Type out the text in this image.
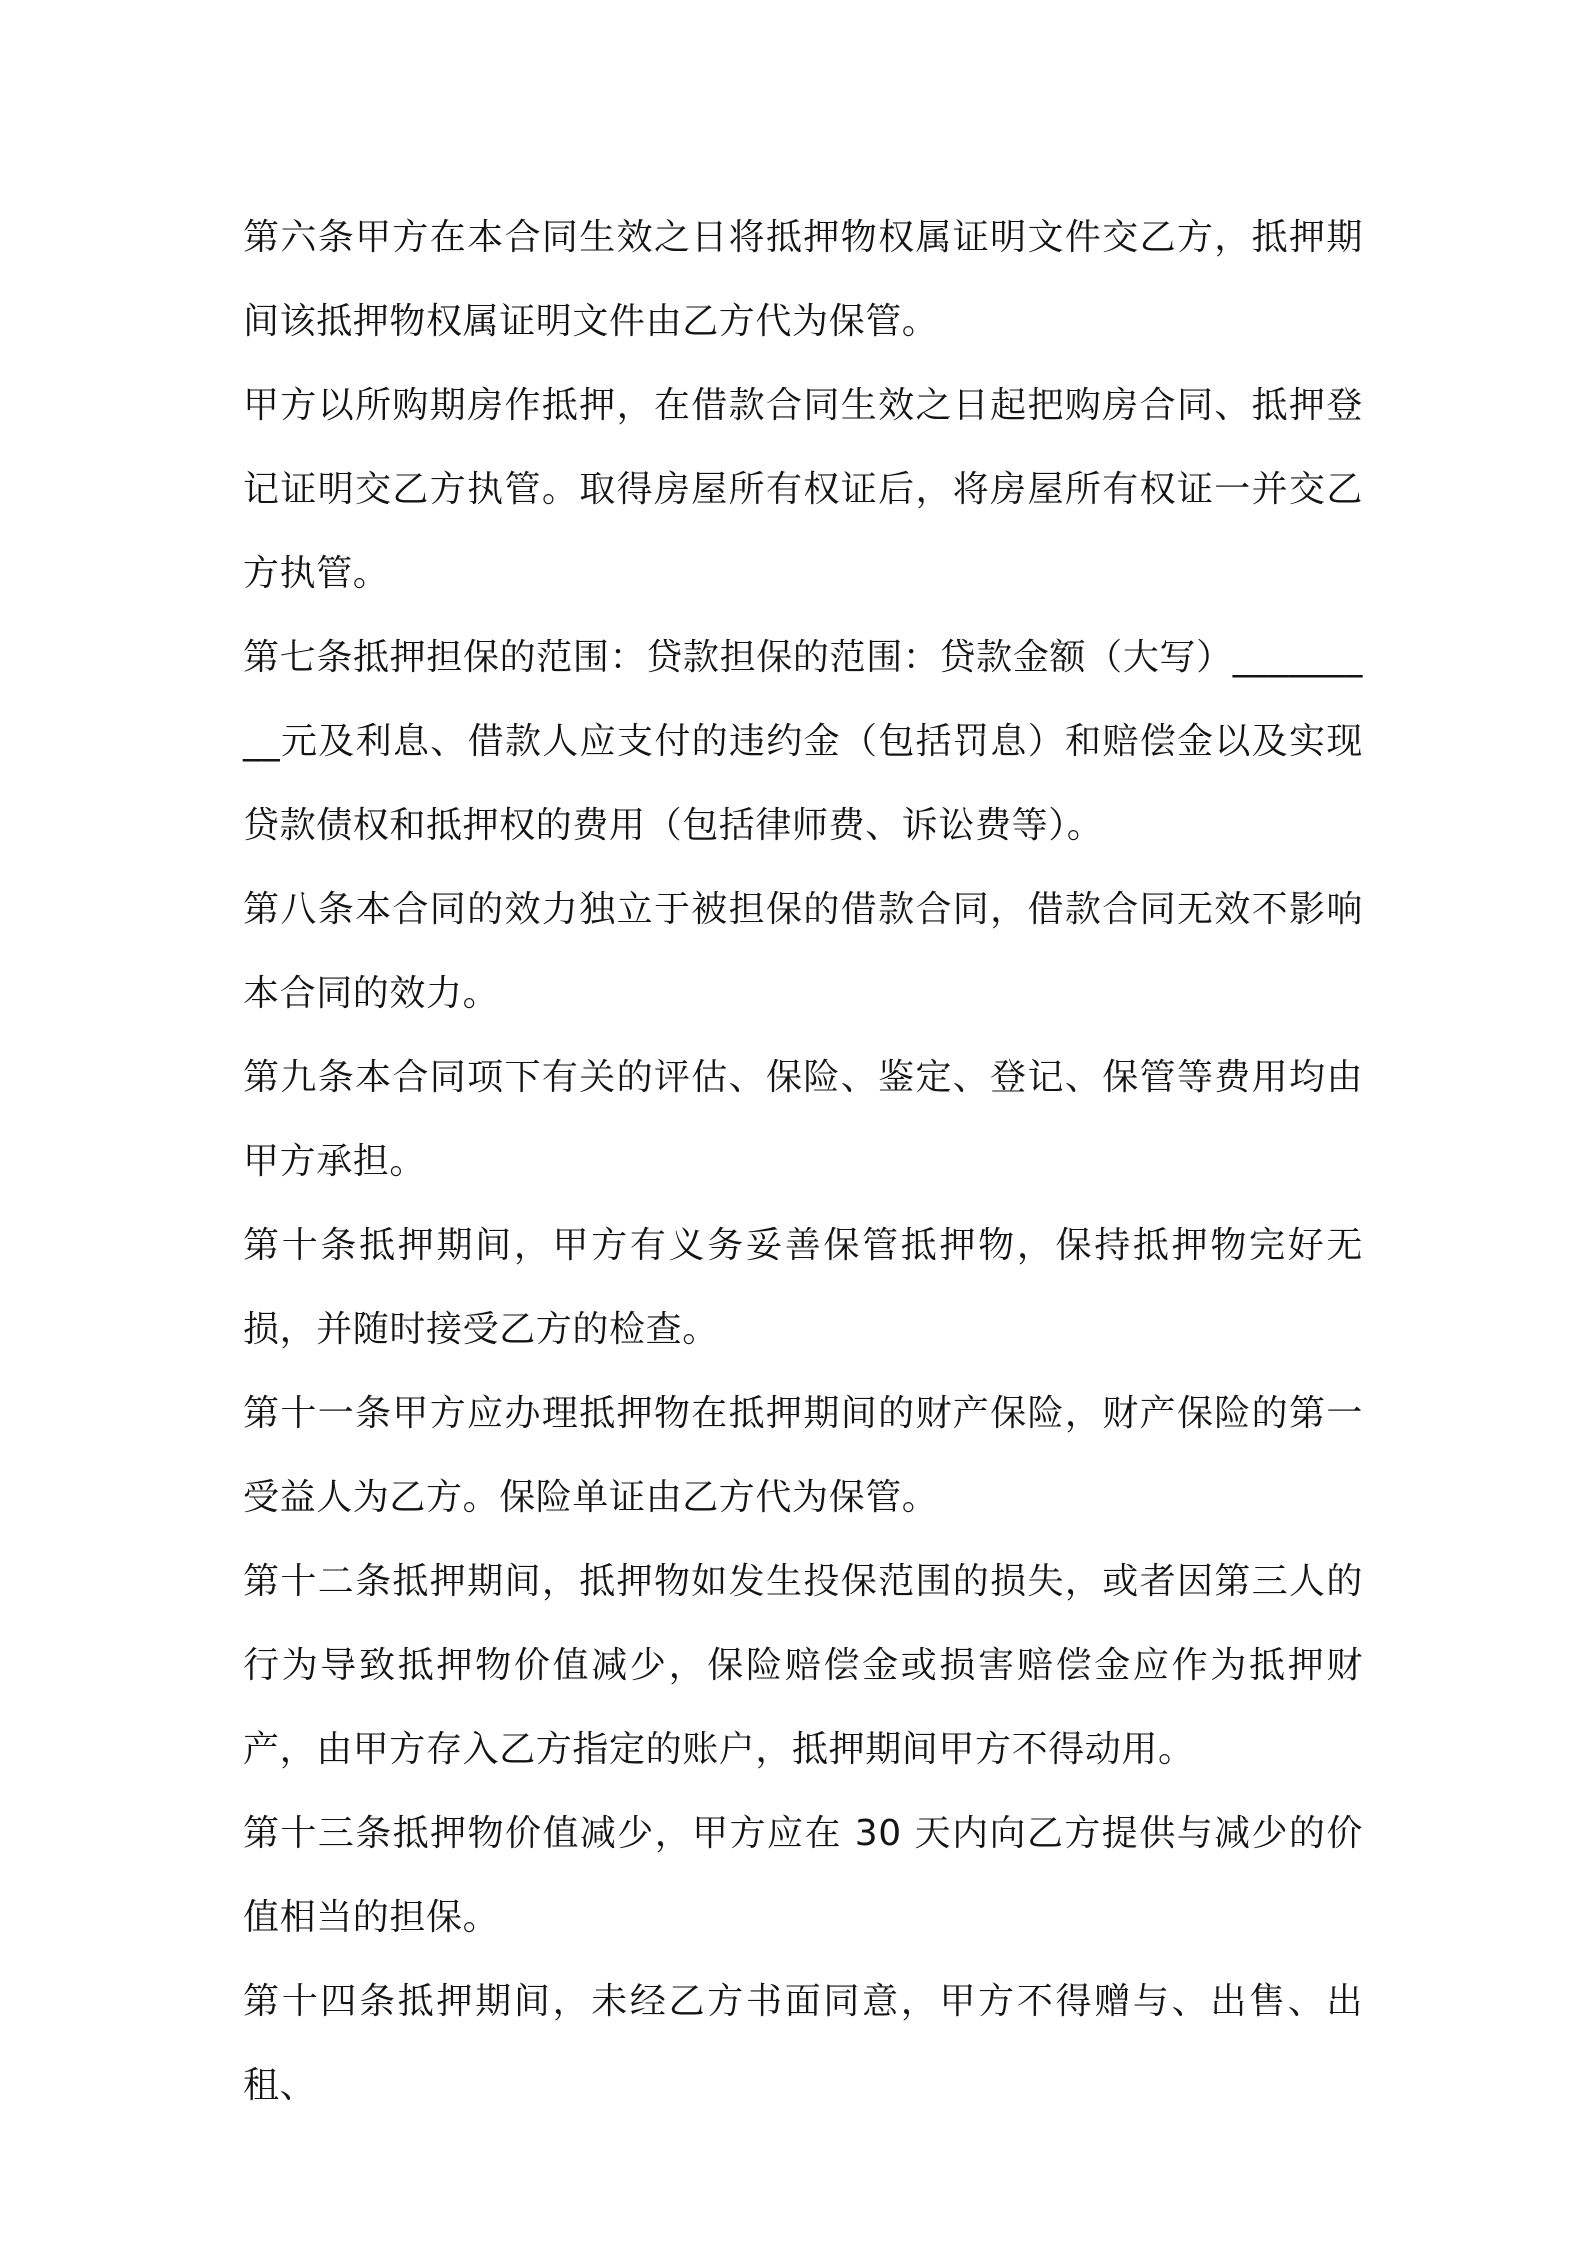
第六条甲方在本合同生效之日将抵押物权属证明文件交乙方，抵押期间该抵押物权属证明文件由乙方代为保管。

甲方以所购期房作抵押，在借款合同生效之日起把购房合同、抵押登记证明交乙方执管。取得房屋所有权证后，将房屋所有权证一并交乙方执管。

第七条抵押担保的范围：贷款担保的范围：贷款金额（大写）_________元及利息、借款人应支付的违约金（包括罚息）和赔偿金以及实现贷款债权和抵押权的费用（包括律师费、诉讼费等）。

第八条本合同的效力独立于被担保的借款合同，借款合同无效不影响本合同的效力。

第九条本合同项下有关的评估、保险、鉴定、登记、保管等费用均由甲方承担。

第十条抵押期间，甲方有义务妥善保管抵押物，保持抵押物完好无损，并随时接受乙方的检查。

第十一条甲方应办理抵押物在抵押期间的财产保险，财产保险的第一受益人为乙方。保险单证由乙方代为保管。

第十二条抵押期间，抵押物如发生投保范围的损失，或者因第三人的行为导致抵押物价值减少，保险赔偿金或损害赔偿金应作为抵押财产，由甲方存入乙方指定的账户，抵押期间甲方不得动用。

第十三条抵押物价值减少，甲方应在 30 天内向乙方提供与减少的价值相当的担保。

第十四条抵押期间，未经乙方书面同意，甲方不得赠与、出售、出租、
